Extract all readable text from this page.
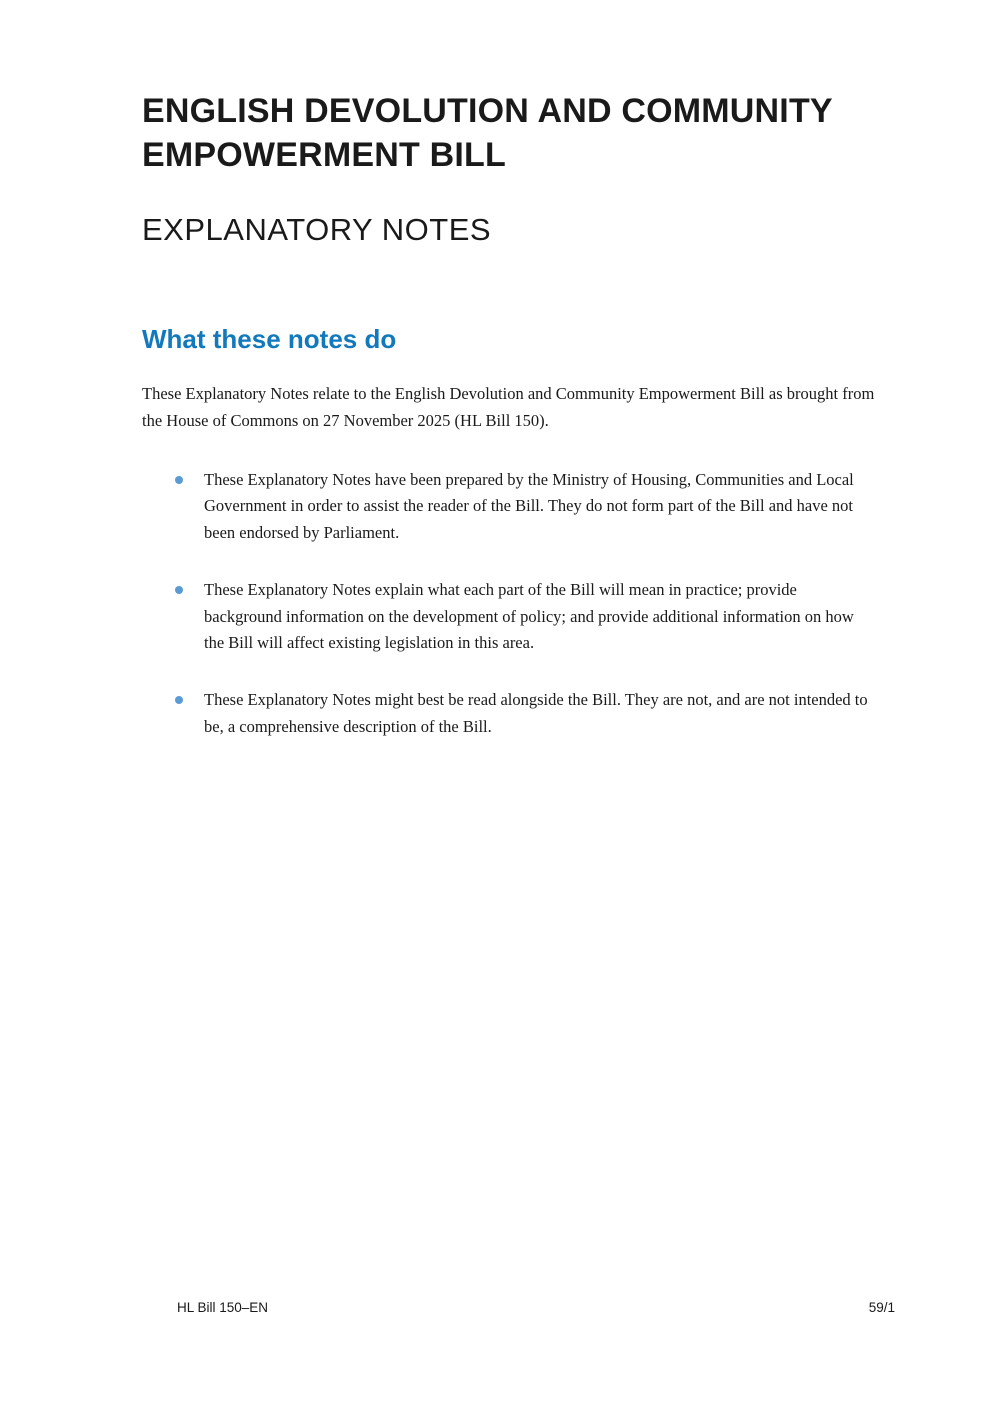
ENGLISH DEVOLUTION AND COMMUNITY EMPOWERMENT BILL
EXPLANATORY NOTES
What these notes do

These Explanatory Notes relate to the English Devolution and Community Empowerment Bill as brought from the House of Commons on 27 November 2025 (HL Bill 150).

These Explanatory Notes have been prepared by the Ministry of Housing, Communities and Local Government in order to assist the reader of the Bill. They do not form part of the Bill and have not been endorsed by Parliament.
These Explanatory Notes explain what each part of the Bill will mean in practice; provide background information on the development of policy; and provide additional information on how the Bill will affect existing legislation in this area.
These Explanatory Notes might best be read alongside the Bill. They are not, and are not intended to be, a comprehensive description of the Bill.
HL Bill 150–EN	59/1
